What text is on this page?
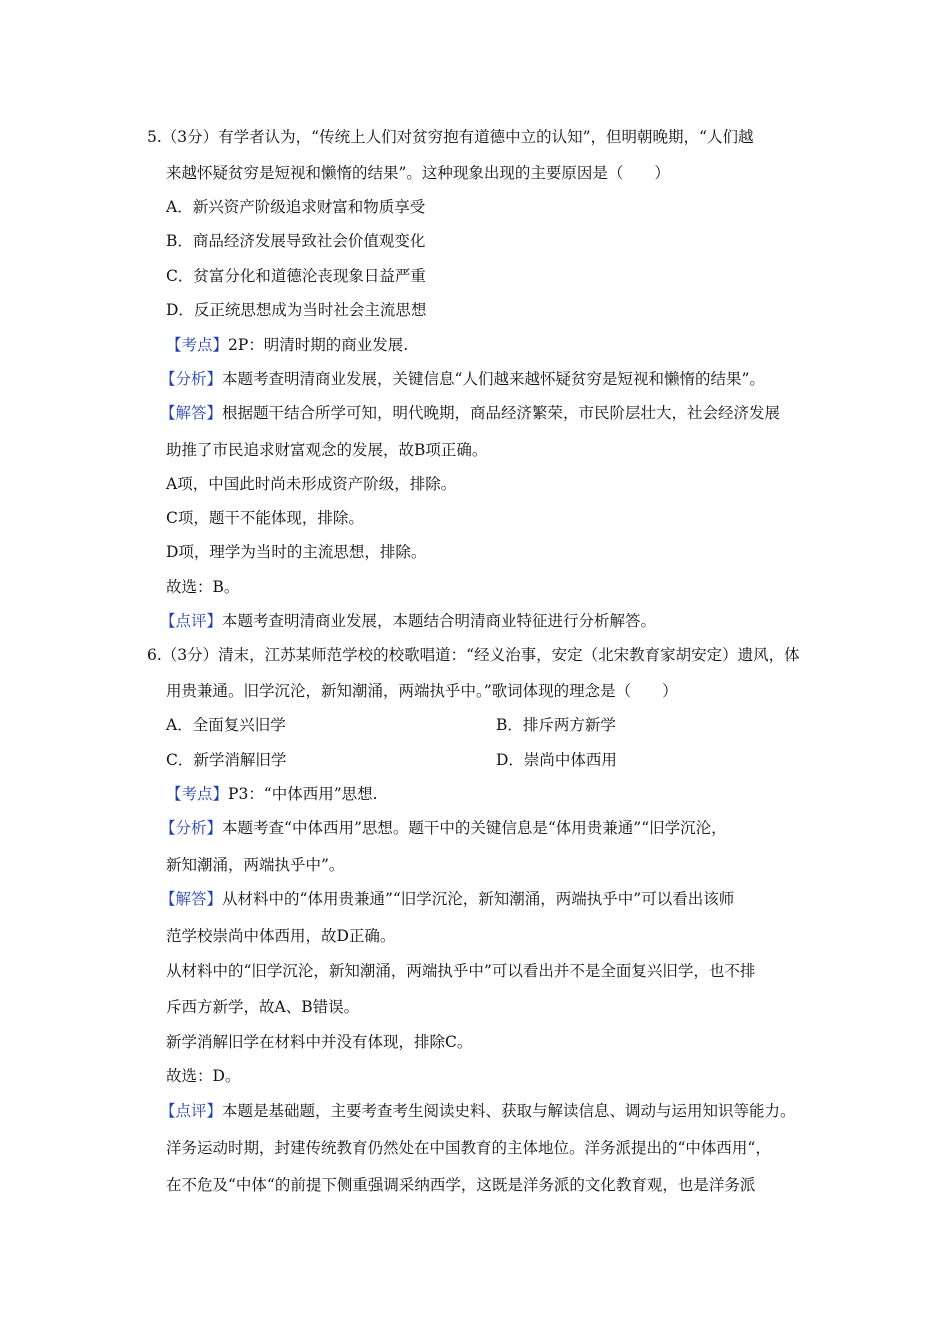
5.（3分）有学者认为，“传统上人们对贫穷抱有道德中立的认知”，但明朝晚期，“人们越
来越怀疑贫穷是短视和懒惰的结果”。这种现象出现的主要原因是（　　）
A．新兴资产阶级追求财富和物质享受
B．商品经济发展导致社会价值观变化
C．贫富分化和道德沦丧现象日益严重
D．反正统思想成为当时社会主流思想
【考点】2P：明清时期的商业发展.
【分析】本题考查明清商业发展，关键信息“人们越来越怀疑贫穷是短视和懒惰的结果”。
【解答】根据题干结合所学可知，明代晚期，商品经济繁荣，市民阶层壮大，社会经济发展
助推了市民追求财富观念的发展，故B项正确。
A项，中国此时尚未形成资产阶级，排除。
C项，题干不能体现，排除。
D项，理学为当时的主流思想，排除。
故选：B。
【点评】本题考查明清商业发展，本题结合明清商业特征进行分析解答。
6.（3分）清末，江苏某师范学校的校歌唱道：“经义治事，安定（北宋教育家胡安定）遗风，体
用贵兼通。旧学沉沦，新知潮涌，两端执乎中。”歌词体现的理念是（　　）
A．全面复兴旧学	B．排斥两方新学
C．新学消解旧学	D．崇尚中体西用
【考点】P3：“中体西用”思想.
【分析】本题考查“中体西用”思想。题干中的关键信息是“体用贵兼通”“旧学沉沦，
新知潮涌，两端执乎中”。
【解答】从材料中的“体用贵兼通”“旧学沉沦，新知潮涌，两端执乎中”可以看出该师
范学校崇尚中体西用，故D正确。
从材料中的“旧学沉沦，新知潮涌，两端执乎中”可以看出并不是全面复兴旧学，也不排
斥西方新学，故A、B错误。
新学消解旧学在材料中并没有体现，排除C。
故选：D。
【点评】本题是基础题，主要考查考生阅读史料、获取与解读信息、调动与运用知识等能力。
洋务运动时期，封建传统教育仍然处在中国教育的主体地位。洋务派提出的“中体西用“，
在不危及“中体“的前提下侧重强调采纳西学，这既是洋务派的文化教育观，也是洋务派
